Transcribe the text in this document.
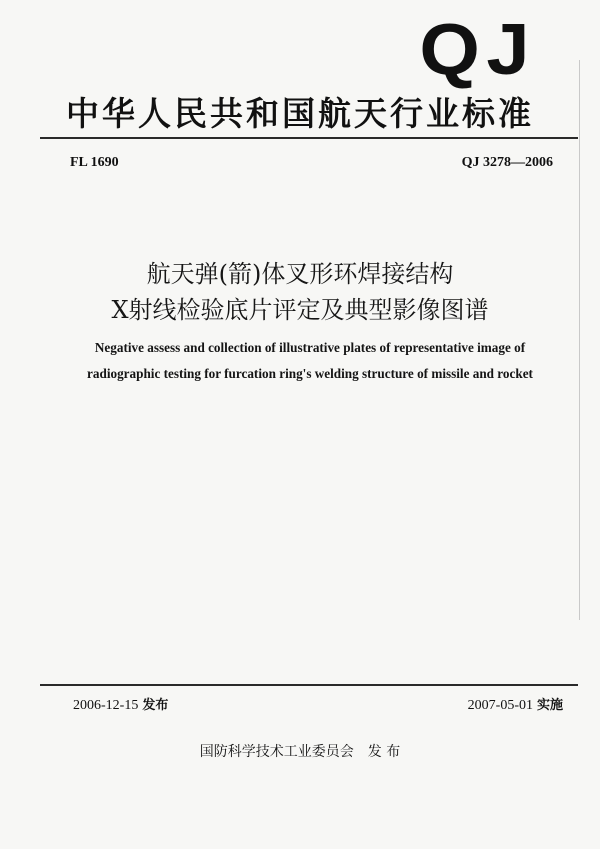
QJ
中华人民共和国航天行业标准
FL 1690	QJ 3278—2006
航天弹(箭)体叉形环焊接结构
X射线检验底片评定及典型影像图谱
Negative assess and collection of illustrative plates of representative image of
radiographic testing for furcation ring's welding structure of missile and rocket
2006-12-15 发布	2007-05-01 实施
国防科学技术工业委员会 发 布
